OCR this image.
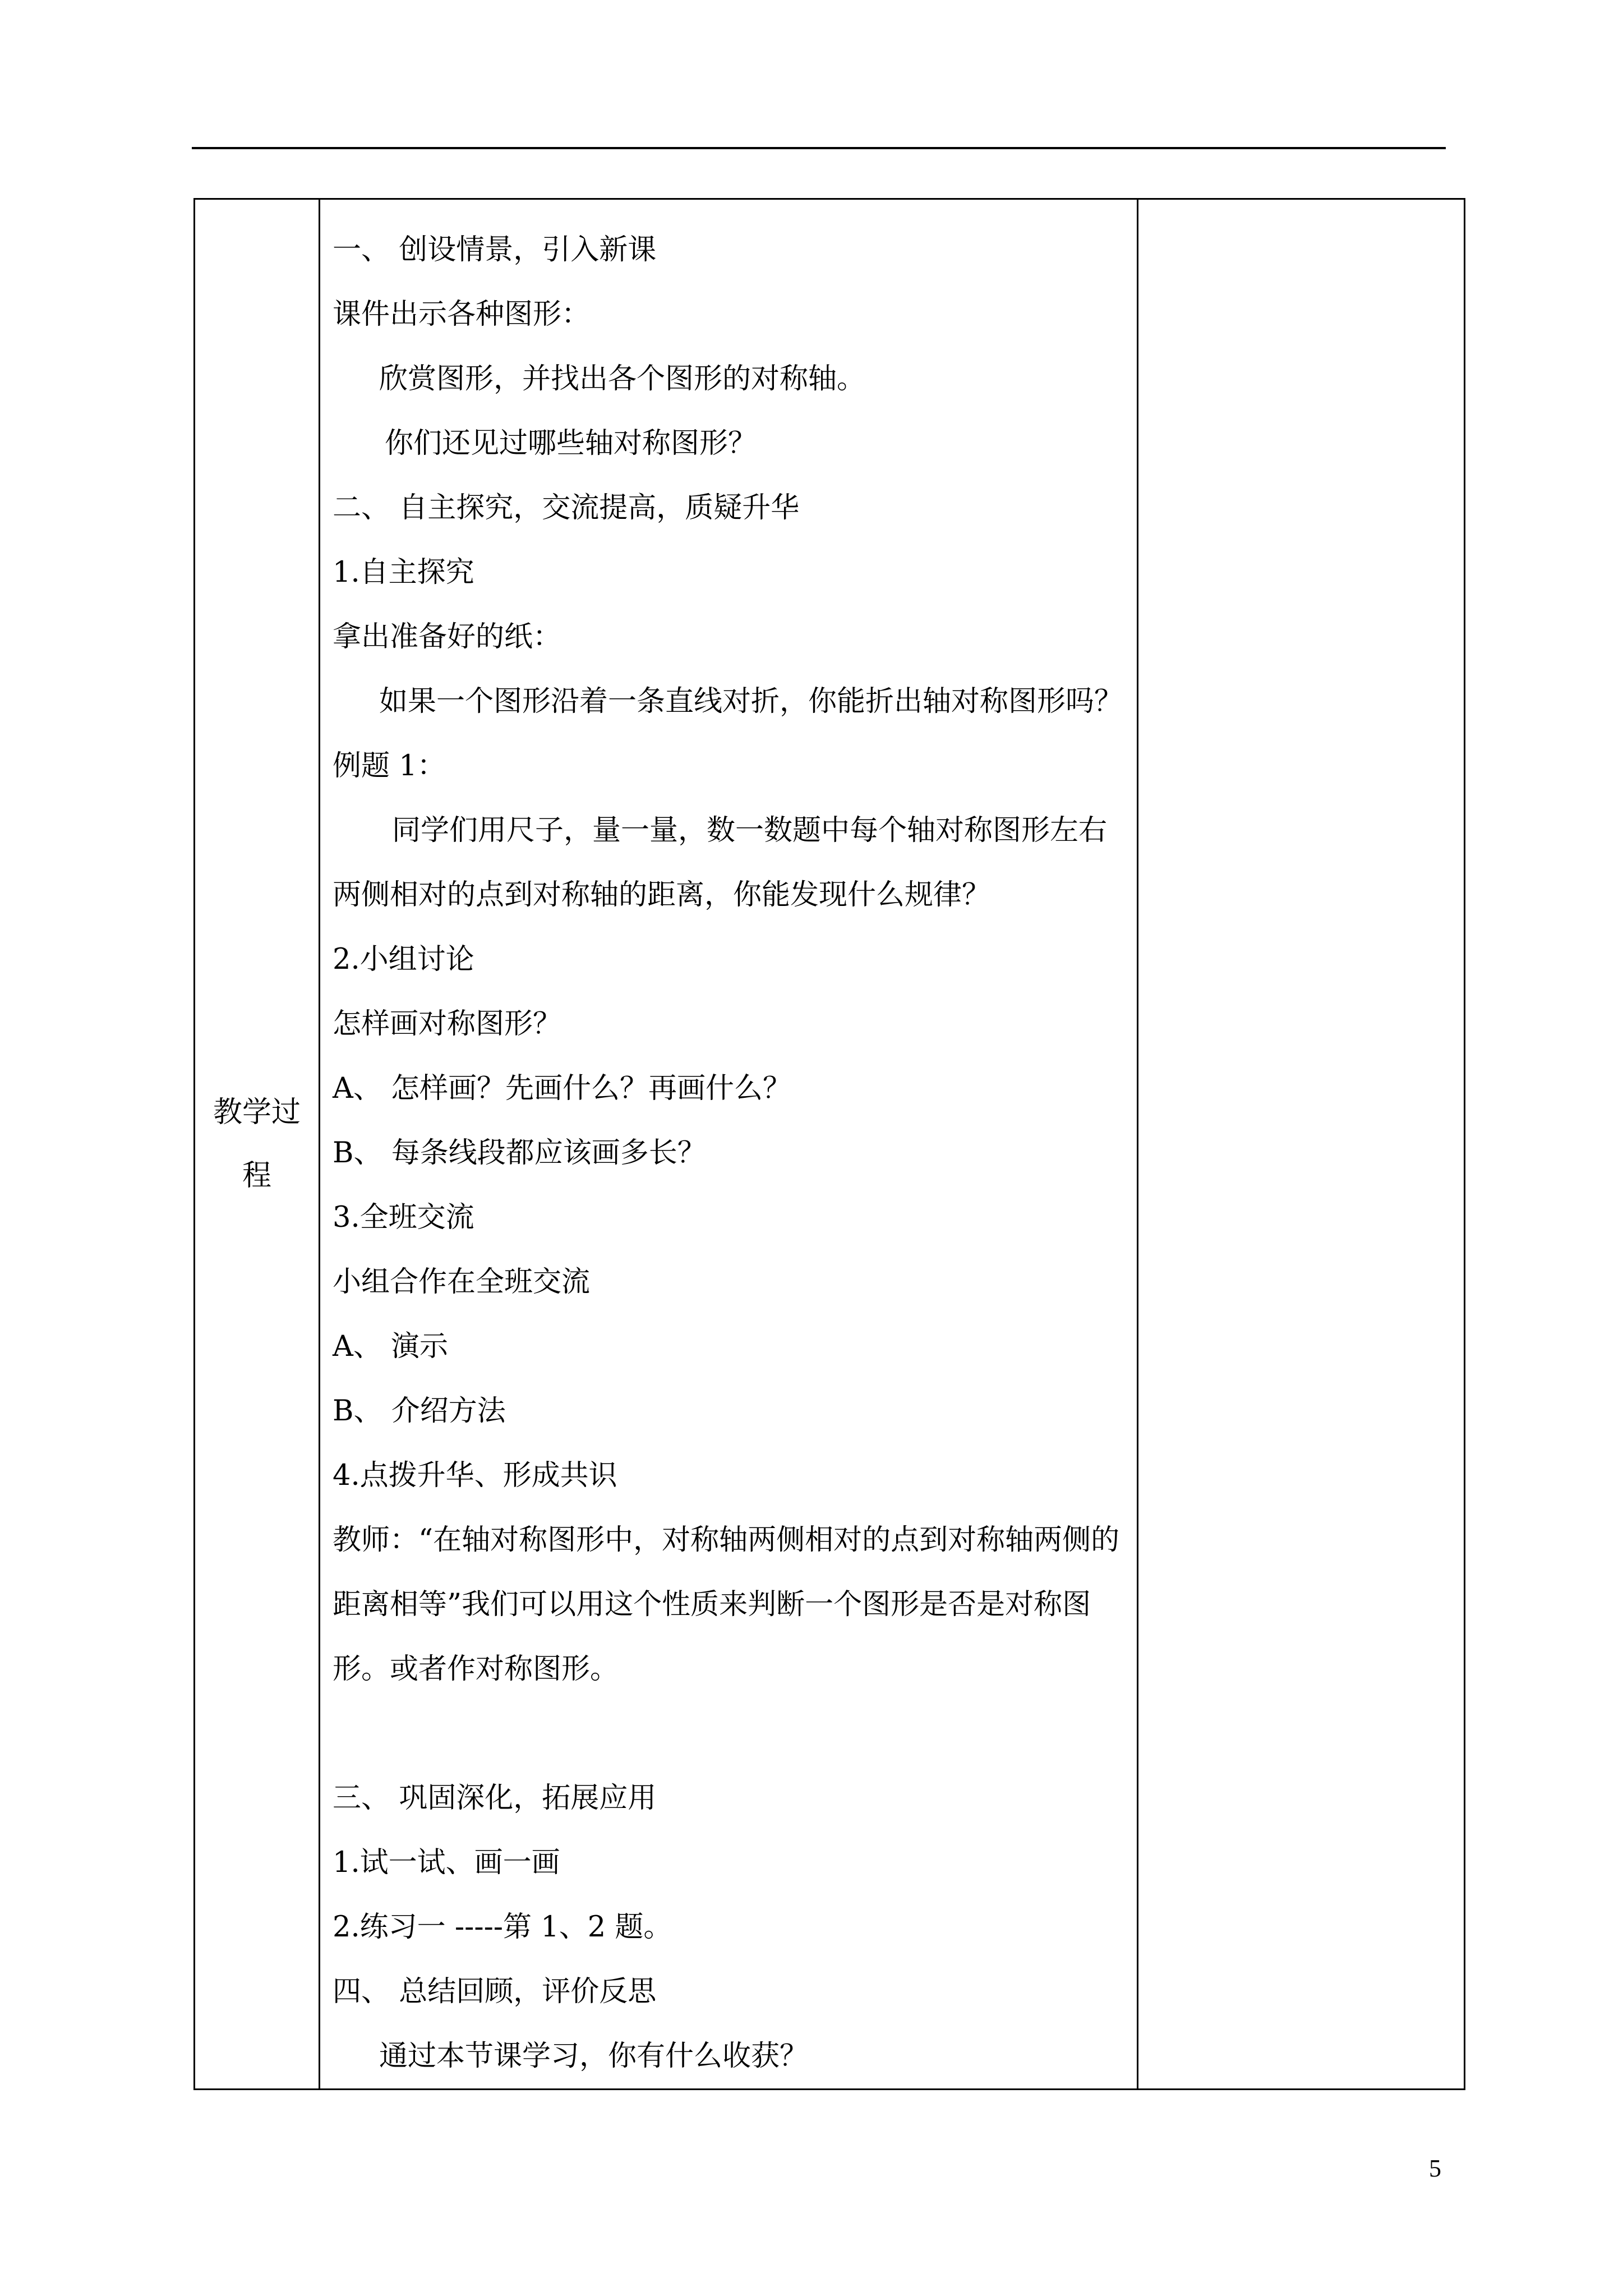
教学过
程

一、 创设情景，引入新课
课件出示各种图形：
欣赏图形，并找出各个图形的对称轴。
你们还见过哪些轴对称图形？
二、 自主探究，交流提高，质疑升华
1.自主探究
拿出准备好的纸：
如果一个图形沿着一条直线对折，你能折出轴对称图形吗？
例题 1：
同学们用尺子，量一量，数一数题中每个轴对称图形左右
两侧相对的点到对称轴的距离，你能发现什么规律？
2.小组讨论
怎样画对称图形？
A、 怎样画？先画什么？再画什么？
B、 每条线段都应该画多长？
3.全班交流
小组合作在全班交流
A、 演示
B、 介绍方法
4.点拨升华、形成共识
教师：“在轴对称图形中，对称轴两侧相对的点到对称轴两侧的
距离相等”我们可以用这个性质来判断一个图形是否是对称图
形。或者作对称图形。
三、 巩固深化，拓展应用
1.试一试、画一画
2.练习一 -----第 1、2 题。
四、 总结回顾，评价反思
通过本节课学习，你有什么收获？

5
